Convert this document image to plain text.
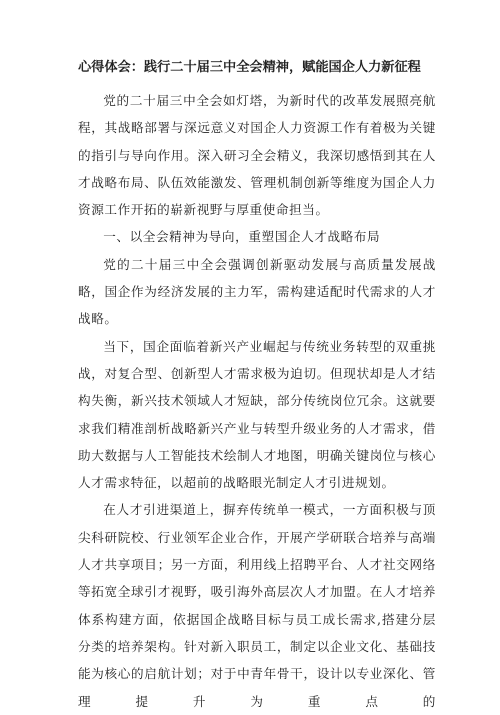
心得体会：践行二十届三中全会精神，赋能国企人力新征程

党的二十届三中全会如灯塔，为新时代的改革发展照亮航程，其战略部署与深远意义对国企人力资源工作有着极为关键的指引与导向作用。深入研习全会精义，我深切感悟到其在人才战略布局、队伍效能激发、管理机制创新等维度为国企人力资源工作开拓的崭新视野与厚重使命担当。

一、以全会精神为导向，重塑国企人才战略布局

党的二十届三中全会强调创新驱动发展与高质量发展战略，国企作为经济发展的主力军，需构建适配时代需求的人才战略。

当下，国企面临着新兴产业崛起与传统业务转型的双重挑战，对复合型、创新型人才需求极为迫切。但现状却是人才结构失衡，新兴技术领域人才短缺，部分传统岗位冗余。这就要求我们精准剖析战略新兴产业与转型升级业务的人才需求，借助大数据与人工智能技术绘制人才地图，明确关键岗位与核心人才需求特征，以超前的战略眼光制定人才引进规划。

在人才引进渠道上，摒弃传统单一模式，一方面积极与顶尖科研院校、行业领军企业合作，开展产学研联合培养与高端人才共享项目；另一方面，利用线上招聘平台、人才社交网络等拓宽全球引才视野，吸引海外高层次人才加盟。在人才培养体系构建方面，依据国企战略目标与员工成长需求,搭建分层分类的培养架构。针对新入职员工，制定以企业文化、基础技能为核心的启航计划；对于中青年骨干，设计以专业深化、管理提升为重点的
